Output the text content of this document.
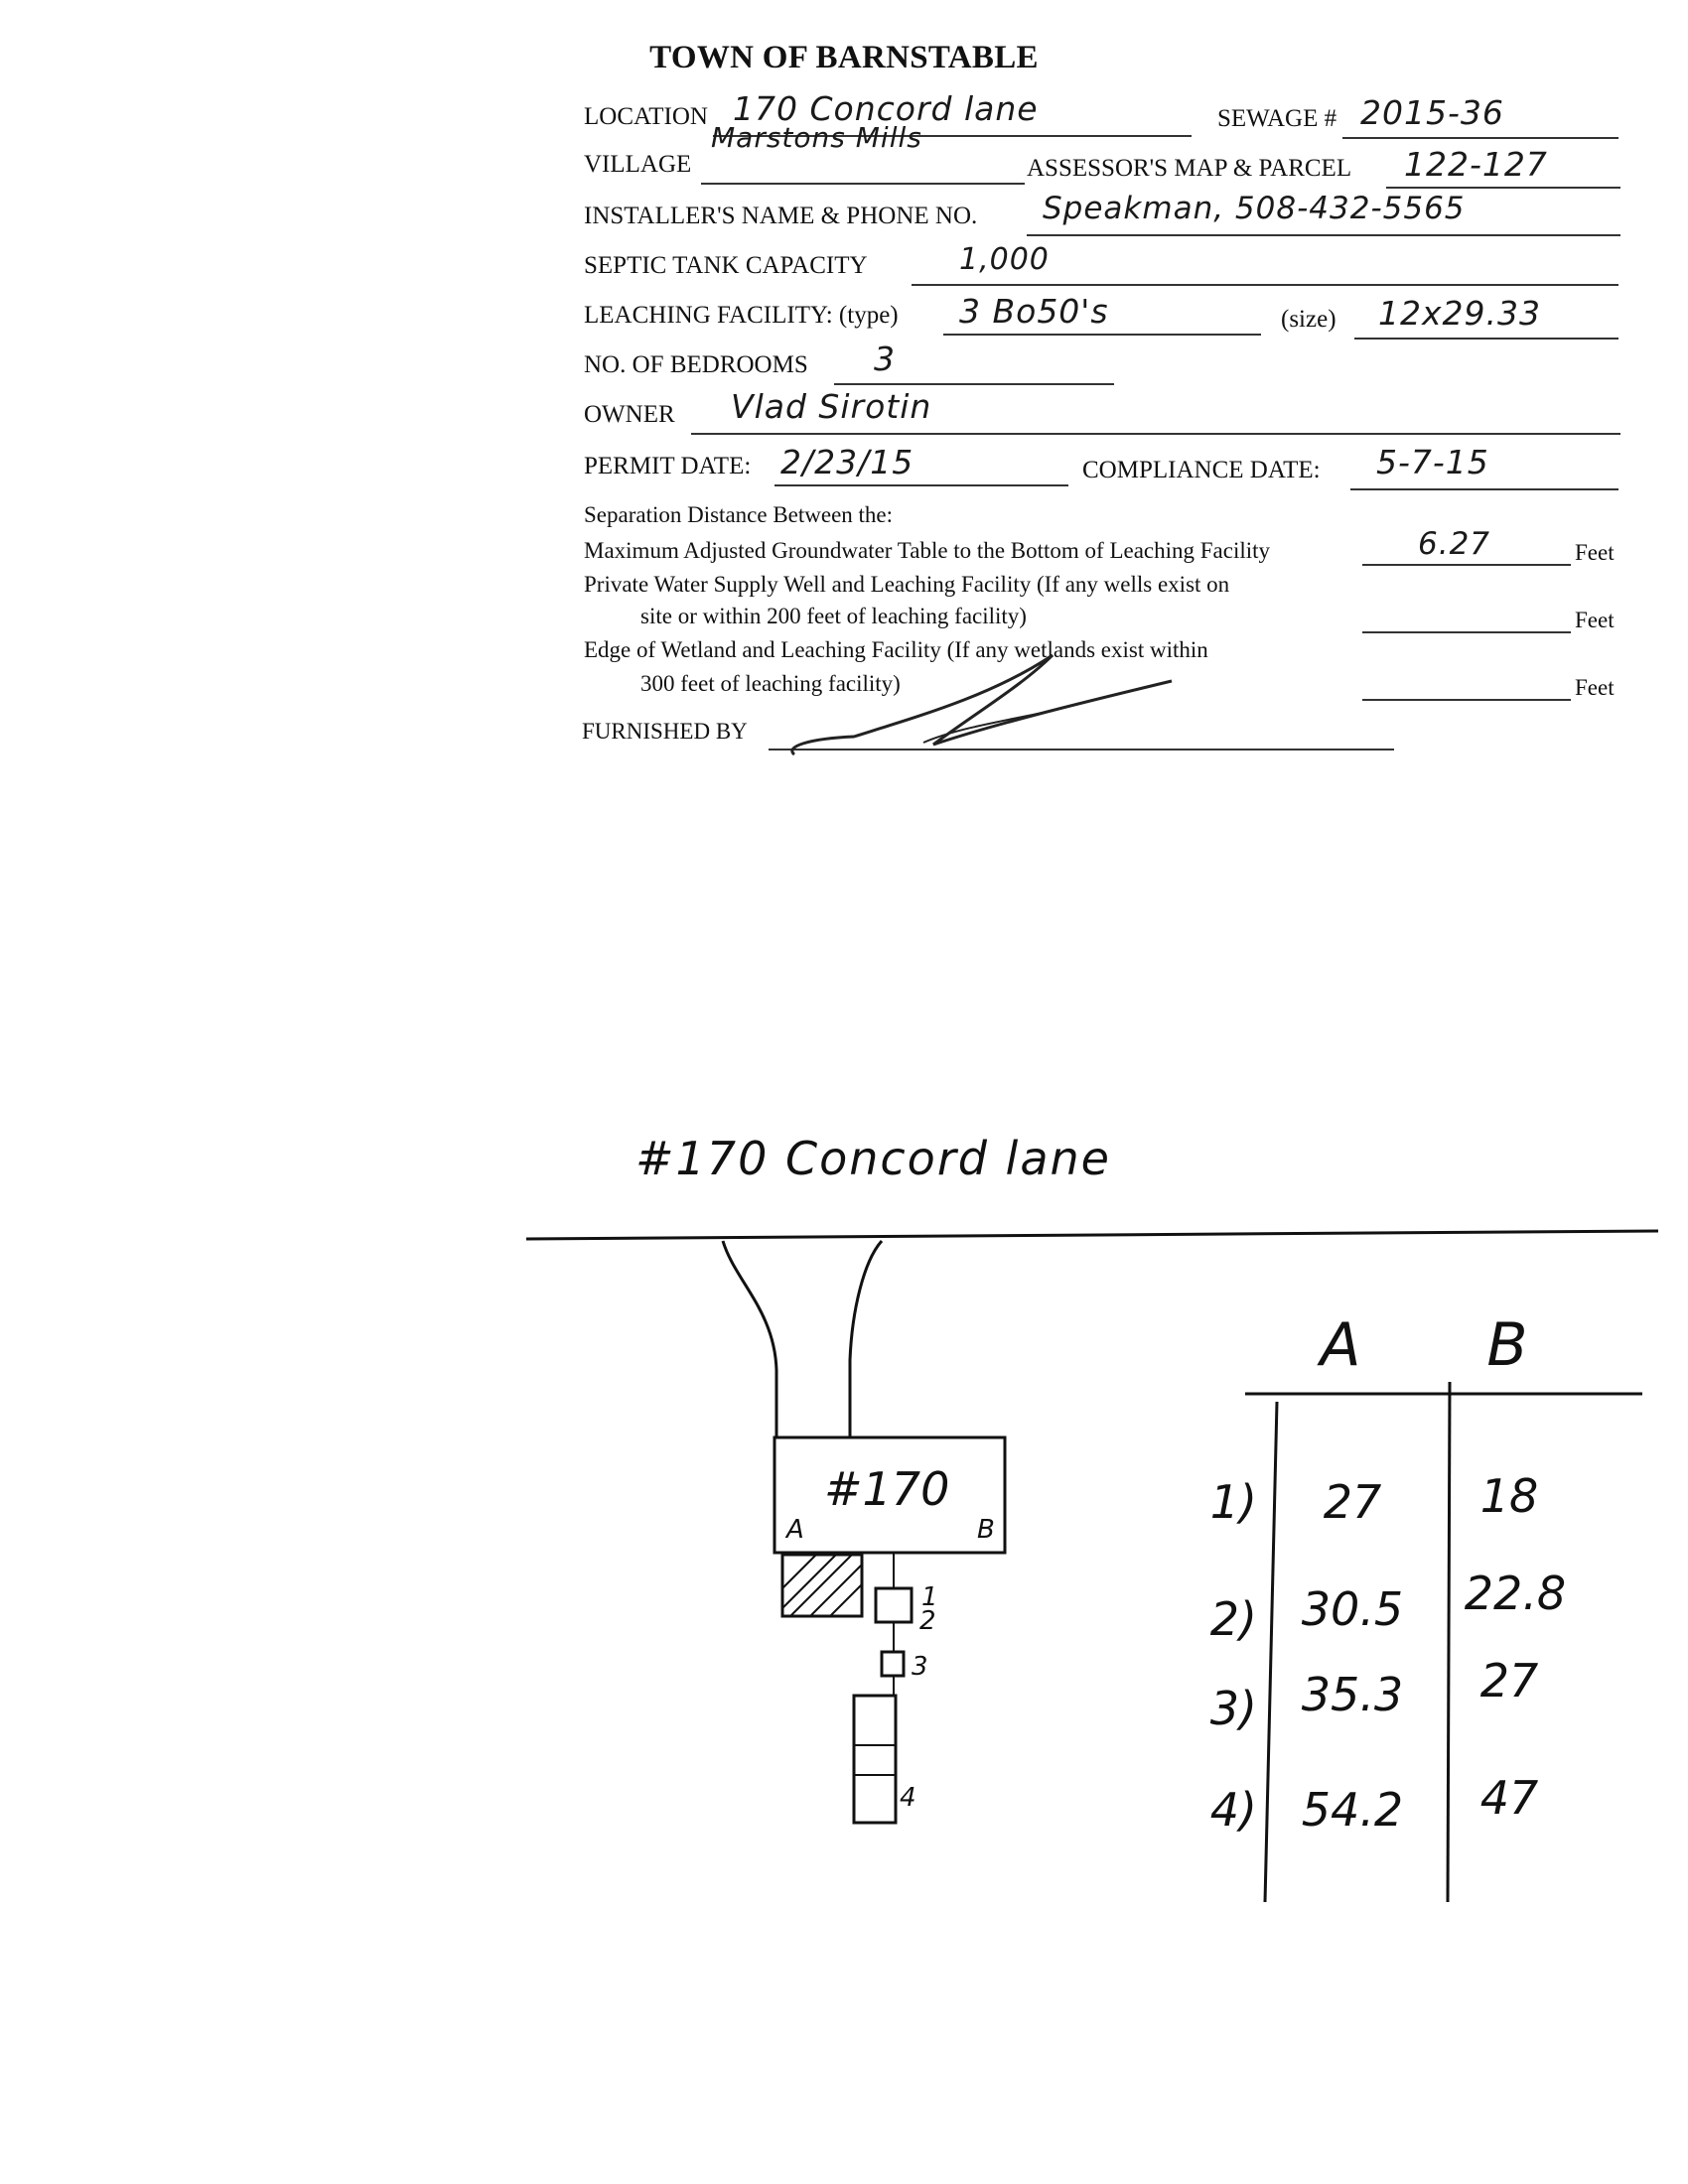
TOWN OF BARNSTABLE
LOCATION 170 Concord lane	SEWAGE # 2015-36
VILLAGE
Marstons Mills
ASSESSOR'S MAP & PARCEL 122-127
INSTALLER'S NAME & PHONE NO. Speakman, 508-432-5565
SEPTIC TANK CAPACITY	1,000
LEACHING FACILITY: (type) 3 Bo50's	(size) 12x29.33
NO. OF BEDROOMS 3
OWNER Vlad Sirotin
PERMIT DATE: 2/23/15	COMPLIANCE DATE: 5-7-15
Separation Distance Between the:
Maximum Adjusted Groundwater Table to the Bottom of Leaching Facility	6.27	Feet
Private Water Supply Well and Leaching Facility (If any wells exist on
site or within 200 feet of leaching facility)	Feet
Edge of Wetland and Leaching Facility (If any wetlands exist within
300 feet of leaching facility)	Feet
FURNISHED BY
#170 Concord lane
#170
A	B
1
2
3
4
A	B
1)	27	18
2) 30.5	22.8
3) 35.3	27
4) 54.2	47
